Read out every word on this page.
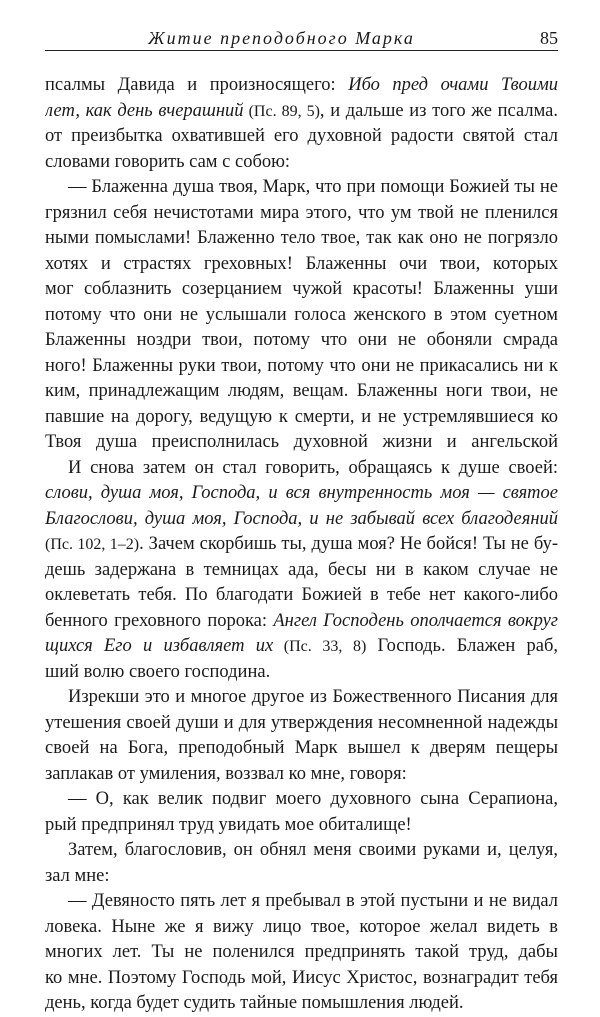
Житие преподобного Марка	85
псалмы Давида и произносящего: Ибо пред очами Твоими
лет, как день вчерашний (Пс. 89, 5), и дальше из того же псалма.
от преизбытка охватившей его духовной радости святой стал
словами говорить сам с собою:
— Блаженна душа твоя, Марк, что при помощи Божией ты не
грязнил себя нечистотами мира этого, что ум твой не пленился
ными помыслами! Блаженно тело твое, так как оно не погрязло
хотях и страстях греховных! Блаженны очи твои, которых
мог соблазнить созерцанием чужой красоты! Блаженны уши
потому что они не услышали голоса женского в этом суетном
Блаженны ноздри твои, потому что они не обоняли смрада
ного! Блаженны руки твои, потому что они не прикасались ни к
ким, принадлежащим людям, вещам. Блаженны ноги твои, не
павшие на дорогу, ведущую к смерти, и не устремлявшиеся ко
Твоя душа преисполнилась духовной жизни и ангельской
И снова затем он стал говорить, обращаясь к душе своей:
слови, душа моя, Господа, и вся внутренность моя — святое
Благослови, душа моя, Господа, и не забывай всех благодеяний
(Пс. 102, 1–2). Зачем скорбишь ты, душа моя? Не бойся! Ты не бу-
дешь задержана в темницах ада, бесы ни в каком случае не
оклеветать тебя. По благодати Божией в тебе нет какого-либо
бенного греховного порока: Ангел Господень ополчается вокруг
щихся Его и избавляет их (Пс. 33, 8) Господь. Блажен раб,
ший волю своего господина.
Изрекши это и многое другое из Божественного Писания для
утешения своей души и для утверждения несомненной надежды
своей на Бога, преподобный Марк вышел к дверям пещеры
заплакав от умиления, воззвал ко мне, говоря:
— О, как велик подвиг моего духовного сына Серапиона,
рый предпринял труд увидать мое обиталище!
Затем, благословив, он обнял меня своими руками и, целуя,
зал мне:
— Девяносто пять лет я пребывал в этой пустыни и не видал
ловека. Ныне же я вижу лицо твое, которое желал видеть в
многих лет. Ты не поленился предпринять такой труд, дабы
ко мне. Поэтому Господь мой, Иисус Христос, вознаградит тебя
день, когда будет судить тайные помышления людей.
